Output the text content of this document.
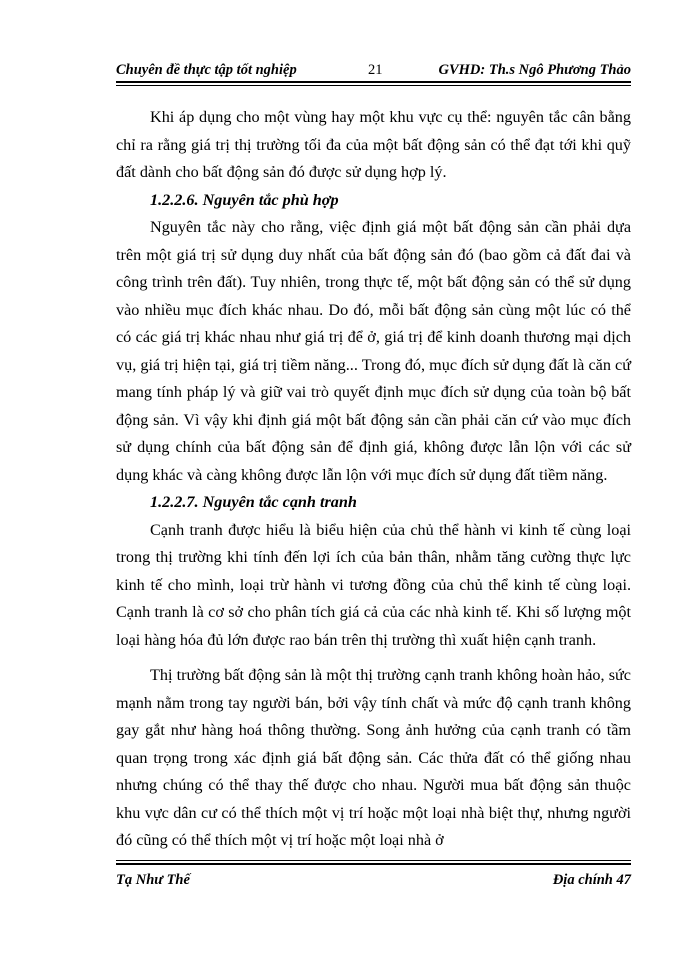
Chuyên đề thực tập tốt nghiệp	21	GVHD: Th.s Ngô Phương Thảo

Khi áp dụng cho một vùng hay một khu vực cụ thể: nguyên tắc cân bằng chỉ ra rằng giá trị thị trường tối đa của một bất động sản có thể đạt tới khi quỹ đất dành cho bất động sản đó được sử dụng hợp lý.

1.2.2.6. Nguyên tắc phù hợp

Nguyên tắc này cho rằng, việc định giá một bất động sản cần phải dựa trên một giá trị sử dụng duy nhất của bất động sản đó (bao gồm cả đất đai và công trình trên đất). Tuy nhiên, trong thực tế, một bất động sản có thể sử dụng vào nhiều mục đích khác nhau. Do đó, mỗi bất động sản cùng một lúc có thể có các giá trị khác nhau như giá trị để ở, giá trị để kinh doanh thương mại dịch vụ, giá trị hiện tại, giá trị tiềm năng... Trong đó, mục đích sử dụng đất là căn cứ mang tính pháp lý và giữ vai trò quyết định mục đích sử dụng của toàn bộ bất động sản. Vì vậy khi định giá một bất động sản cần phải căn cứ vào mục đích sử dụng chính của bất động sản để định giá, không được lẫn lộn với các sử dụng khác và càng không được lẫn lộn với mục đích sử dụng đất tiềm năng.

1.2.2.7. Nguyên tắc cạnh tranh

Cạnh tranh được hiểu là biểu hiện của chủ thể hành vi kinh tế cùng loại trong thị trường khi tính đến lợi ích của bản thân, nhằm tăng cường thực lực kinh tế cho mình, loại trừ hành vi tương đồng của chủ thể kinh tế cùng loại. Cạnh tranh là cơ sở cho phân tích giá cả của các nhà kinh tế. Khi số lượng một loại hàng hóa đủ lớn được rao bán trên thị trường thì xuất hiện cạnh tranh.

Thị trường bất động sản là một thị trường cạnh tranh không hoàn hảo, sức mạnh nằm trong tay người bán, bởi vậy tính chất và mức độ cạnh tranh không gay gắt như hàng hoá thông thường. Song ảnh hưởng của cạnh tranh có tầm quan trọng trong xác định giá bất động sản. Các thửa đất có thể giống nhau nhưng chúng có thể thay thế được cho nhau. Người mua bất động sản thuộc khu vực dân cư có thể thích một vị trí hoặc một loại nhà biệt thự, nhưng người đó cũng có thể thích một vị trí hoặc một loại nhà ở

Tạ Như Thế	Địa chính 47
